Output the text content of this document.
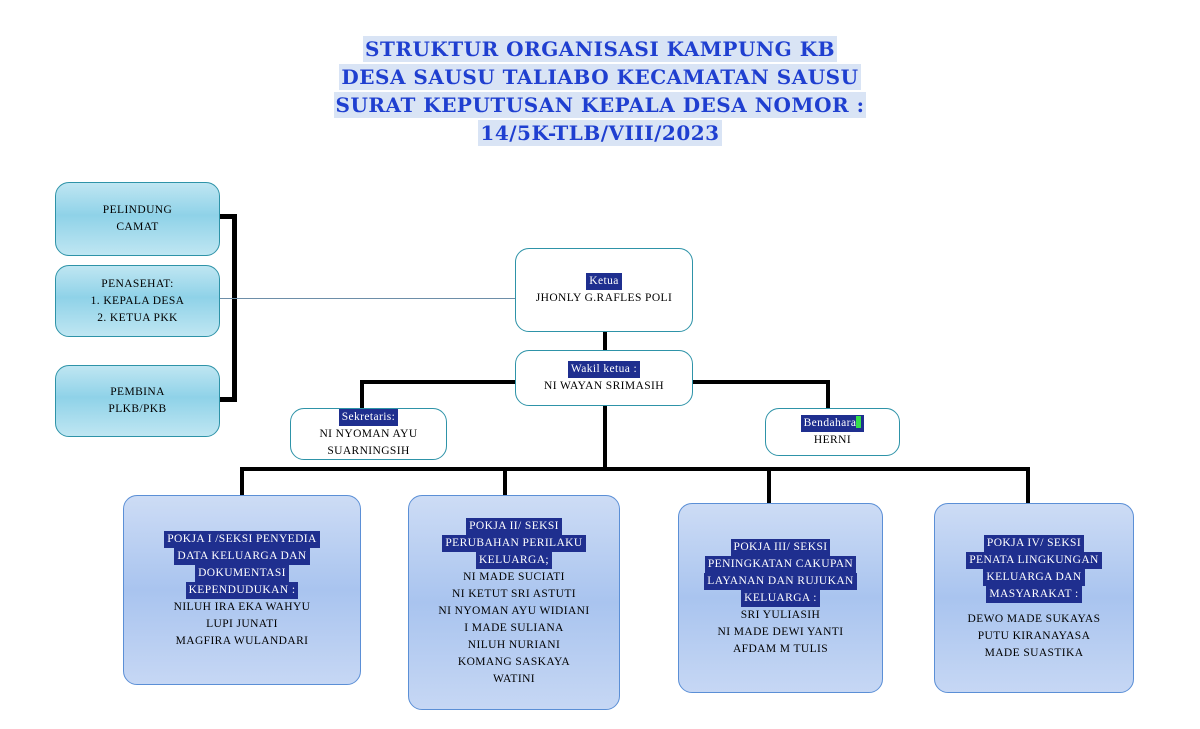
STRUKTUR ORGANISASI KAMPUNG KB
DESA SAUSU TALIABO KECAMATAN SAUSU
SURAT KEPUTUSAN KEPALA DESA NOMOR :
14/5K-TLB/VIII/2023
PELINDUNG
CAMAT
PENASEHAT:
1. KEPALA DESA
2. KETUA PKK
PEMBINA
PLKB/PKB
Ketua
JHONLY G.RAFLES POLI
Wakil ketua :
NI WAYAN SRIMASIH
Sekretaris:
NI NYOMAN AYU
SUARNINGSIH
Bendahara
HERNI
POKJA I /SEKSI PENYEDIA
DATA KELUARGA DAN
DOKUMENTASI
KEPENDUDUKAN :
NILUH IRA EKA WAHYU
LUPI JUNATI
MAGFIRA WULANDARI
POKJA II/ SEKSI
PERUBAHAN PERILAKU
KELUARGA;
NI MADE SUCIATI
NI KETUT SRI ASTUTI
NI NYOMAN AYU WIDIANI
I MADE SULIANA
NILUH NURIANI
KOMANG SASKAYA
WATINI
POKJA III/ SEKSI
PENINGKATAN CAKUPAN
LAYANAN DAN RUJUKAN
KELUARGA :
SRI YULIASIH
NI MADE DEWI YANTI
AFDAM M TULIS
POKJA IV/ SEKSI
PENATA LINGKUNGAN
KELUARGA DAN
MASYARAKAT :
DEWO MADE SUKAYAS
PUTU KIRANAYASA
MADE SUASTIKA
